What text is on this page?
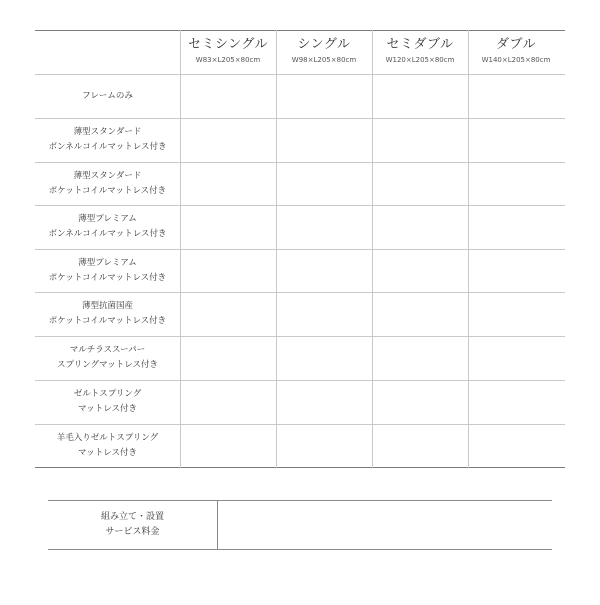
セミシングル
W83×L205×80cm
シングル
W98×L205×80cm
セミダブル
W120×L205×80cm
ダブル
W140×L205×80cm
フレームのみ
薄型スタンダード
ボンネルコイルマットレス付き
薄型スタンダード
ポケットコイルマットレス付き
薄型プレミアム
ボンネルコイルマットレス付き
薄型プレミアム
ポケットコイルマットレス付き
薄型抗菌国産
ポケットコイルマットレス付き
マルチラススーパー
スプリングマットレス付き
ゼルトスプリング
マットレス付き
羊毛入りゼルトスプリング
マットレス付き
組み立て・設置
サービス料金
